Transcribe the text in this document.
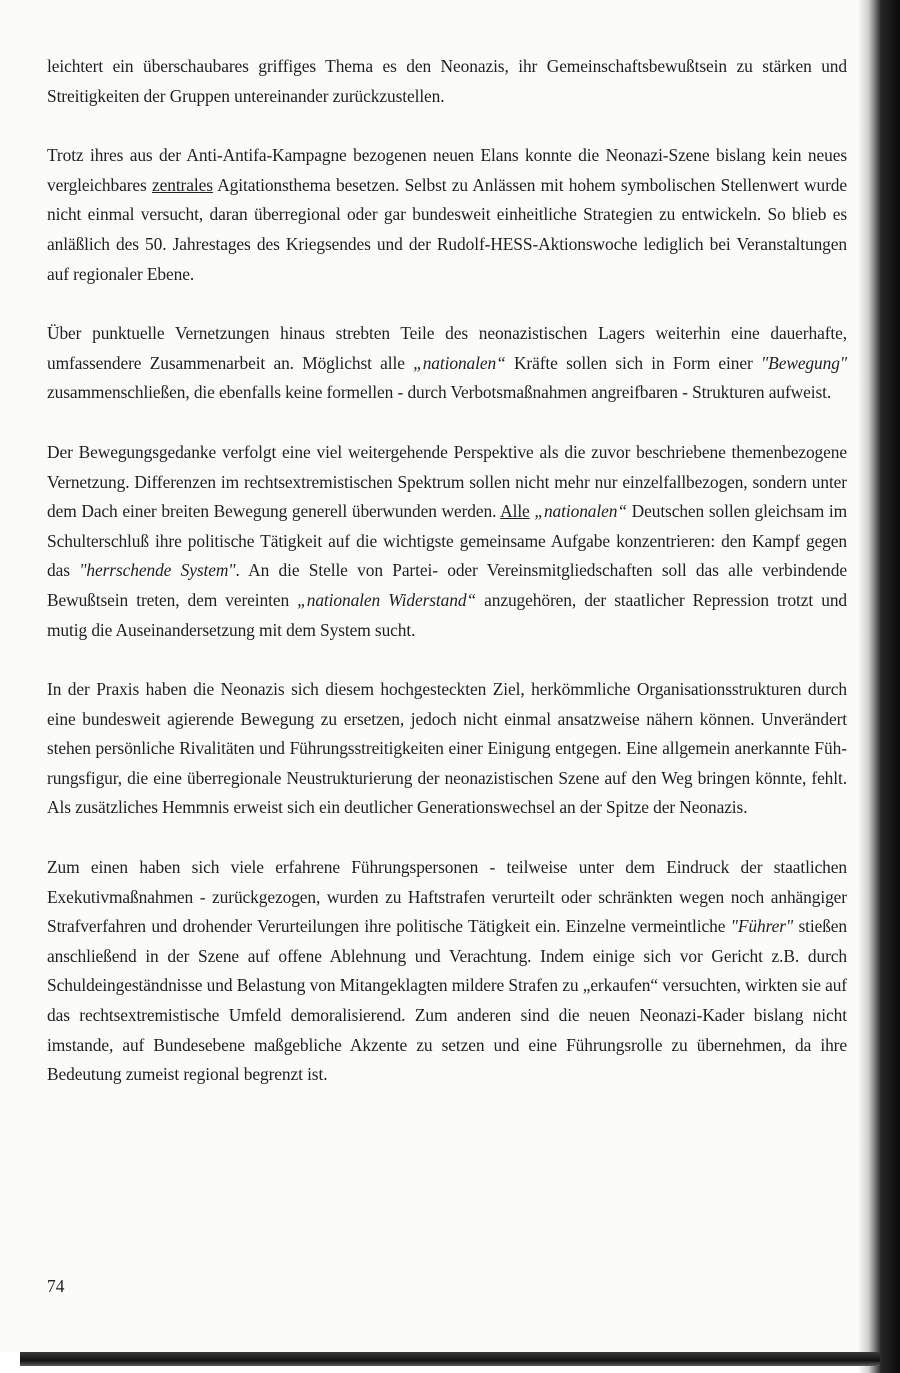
leichtert ein überschaubares griffiges Thema es den Neonazis, ihr Gemeinschaftsbewußtsein zu stärken und Streitigkeiten der Gruppen untereinander zurückzustellen.

Trotz ihres aus der Anti-Antifa-Kampagne bezogenen neuen Elans konnte die Neonazi-Szene bislang kein neues vergleichbares zentrales Agitationsthema besetzen. Selbst zu Anlässen mit hohem symbolischen Stellenwert wurde nicht einmal versucht, daran überregional oder gar bundesweit einheitliche Strategien zu entwickeln. So blieb es anläßlich des 50. Jahrestages des Kriegsendes und der Rudolf-HESS-Aktionswoche lediglich bei Veranstaltungen auf regionaler Ebene.

Über punktuelle Vernetzungen hinaus strebten Teile des neonazistischen Lagers weiterhin eine dauerhafte, umfassendere Zusammenarbeit an. Möglichst alle „nationalen“ Kräfte sollen sich in Form einer "Bewegung" zusammenschließen, die ebenfalls keine formellen - durch Verbotsmaßnahmen angreifbaren - Strukturen aufweist.

Der Bewegungsgedanke verfolgt eine viel weitergehende Perspektive als die zuvor beschriebene themenbezogene Vernetzung. Differenzen im rechtsextremistischen Spektrum sollen nicht mehr nur einzelfallbezogen, sondern unter dem Dach einer breiten Bewegung generell überwunden werden. Alle „nationalen“ Deutschen sollen gleichsam im Schulterschluß ihre politische Tätigkeit auf die wichtigste gemeinsame Aufgabe konzentrieren: den Kampf gegen das "herrschende System". An die Stelle von Partei- oder Vereinsmitgliedschaften soll das alle verbindende Bewußtsein treten, dem vereinten „nationalen Widerstand“ anzugehören, der staatlicher Repression trotzt und mutig die Auseinandersetzung mit dem System sucht.

In der Praxis haben die Neonazis sich diesem hochgesteckten Ziel, herkömmliche Organisationsstrukturen durch eine bundesweit agierende Bewegung zu ersetzen, jedoch nicht einmal ansatzweise nähern können. Unverändert stehen persönliche Rivalitäten und Führungsstreitigkeiten einer Einigung entgegen. Eine allgemein anerkannte Führungsfigur, die eine überregionale Neustrukturierung der neonazistischen Szene auf den Weg bringen könnte, fehlt. Als zusätzliches Hemmnis erweist sich ein deutlicher Generationswechsel an der Spitze der Neonazis.

Zum einen haben sich viele erfahrene Führungspersonen - teilweise unter dem Eindruck der staatlichen Exekutivmaßnahmen - zurückgezogen, wurden zu Haftstrafen verurteilt oder schränkten wegen noch anhängiger Strafverfahren und drohender Verurteilungen ihre politische Tätigkeit ein. Einzelne vermeintliche "Führer" stießen anschließend in der Szene auf offene Ablehnung und Verachtung. Indem einige sich vor Gericht z.B. durch Schuldeingeständnisse und Belastung von Mitangeklagten mildere Strafen zu „erkaufen“ versuchten, wirkten sie auf das rechtsextremistische Umfeld demoralisierend. Zum anderen sind die neuen Neonazi-Kader bislang nicht imstande, auf Bundesebene maßgebliche Akzente zu setzen und eine Führungsrolle zu übernehmen, da ihre Bedeutung zumeist regional begrenzt ist.

74
